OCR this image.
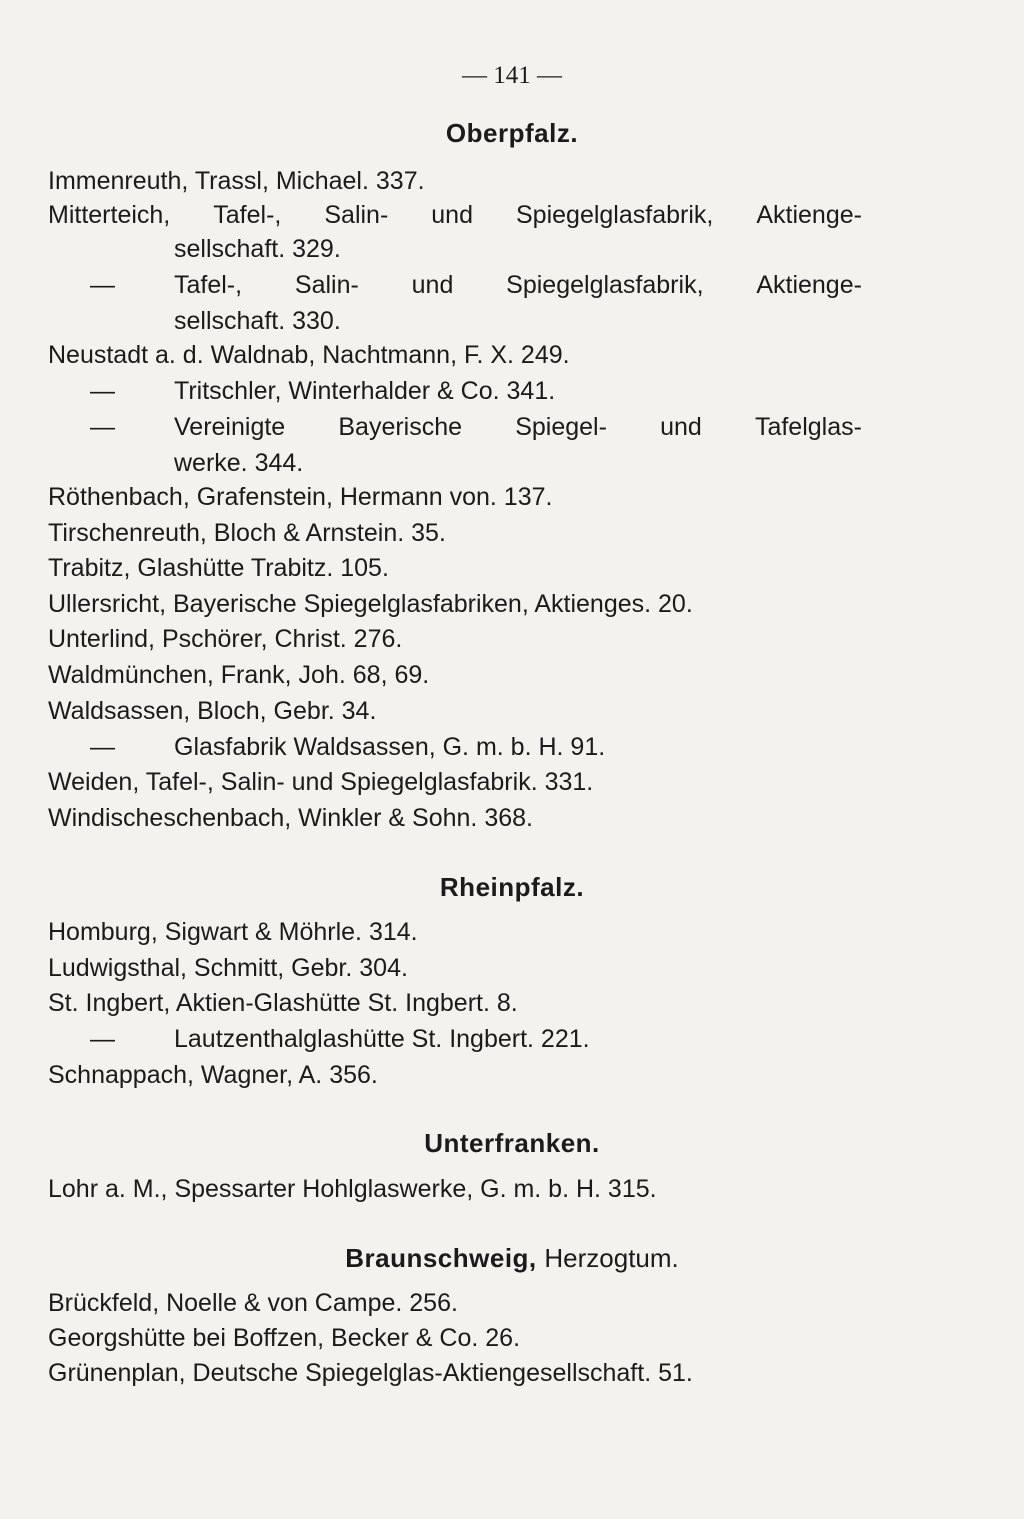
— 141 —
Oberpfalz.
Immenreuth, Trassl, Michael. 337.
Mitterteich, Tafel-, Salin- und Spiegelglasfabrik, Aktienge-
sellschaft. 329.
— Tafel-, Salin- und Spiegelglasfabrik, Aktienge-
sellschaft. 330.
Neustadt a. d. Waldnab, Nachtmann, F. X. 249.
— Tritschler, Winterhalder & Co. 341.
— Vereinigte Bayerische Spiegel- und Tafelglas-
werke. 344.
Röthenbach, Grafenstein, Hermann von. 137.
Tirschenreuth, Bloch & Arnstein. 35.
Trabitz, Glashütte Trabitz. 105.
Ullersricht, Bayerische Spiegelglasfabriken, Aktienges. 20.
Unterlind, Pschörer, Christ. 276.
Waldmünchen, Frank, Joh. 68, 69.
Waldsassen, Bloch, Gebr. 34.
— Glasfabrik Waldsassen, G. m. b. H. 91.
Weiden, Tafel-, Salin- und Spiegelglasfabrik. 331.
Windischeschenbach, Winkler & Sohn. 368.
Rheinpfalz.
Homburg, Sigwart & Möhrle. 314.
Ludwigsthal, Schmitt, Gebr. 304.
St. Ingbert, Aktien-Glashütte St. Ingbert. 8.
— Lautzenthalglashütte St. Ingbert. 221.
Schnappach, Wagner, A. 356.
Unterfranken.
Lohr a. M., Spessarter Hohlglaswerke, G. m. b. H. 315.
Braunschweig, Herzogtum.
Brückfeld, Noelle & von Campe. 256.
Georgshütte bei Boffzen, Becker & Co. 26.
Grünenplan, Deutsche Spiegelglas-Aktiengesellschaft. 51.
